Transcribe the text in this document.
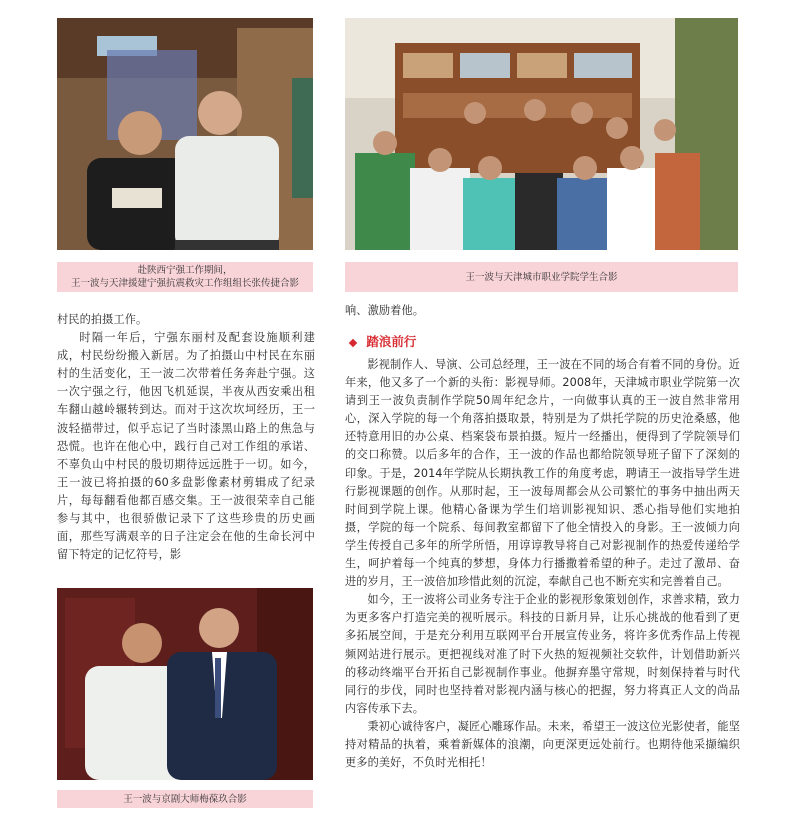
赴陕西宁强工作期间，
王一波与天津援建宁强抗震救灾工作组组长张传捷合影
王一波与天津城市职业学院学生合影
王一波与京剧大师梅葆玖合影

村民的拍摄工作。

时隔一年后，宁强东丽村及配套设施顺利建成，村民纷纷搬入新居。为了拍摄山中村民在东丽村的生活变化，王一波二次带着任务奔赴宁强。这一次宁强之行，他因飞机延误，半夜从西安乘出租车翻山越岭辗转到达。而对于这次坎坷经历，王一波轻描带过，似乎忘记了当时漆黑山路上的焦急与恐慌。也许在他心中，践行自己对工作组的承诺、不辜负山中村民的殷切期待远远胜于一切。如今，王一波已将拍摄的60多盘影像素材剪辑成了纪录片，每每翻看他都百感交集。王一波很荣幸自己能参与其中，也很骄傲记录下了这些珍贵的历史画面，那些写满艰辛的日子注定会在他的生命长河中留下特定的记忆符号，影

响、激励着他。

踏浪前行

影视制作人、导演、公司总经理，王一波在不同的场合有着不同的身份。近年来，他又多了一个新的头衔：影视导师。2008年，天津城市职业学院第一次请到王一波负责制作学院50周年纪念片，一向做事认真的王一波自然非常用心，深入学院的每一个角落拍摄取景，特别是为了烘托学院的历史沧桑感，他还特意用旧的办公桌、档案袋布景拍摄。短片一经播出，便得到了学院领导们的交口称赞。以后多年的合作，王一波的作品也都给院领导班子留下了深刻的印象。于是，2014年学院从长期执教工作的角度考虑，聘请王一波指导学生进行影视课题的创作。从那时起，王一波每周都会从公司繁忙的事务中抽出两天时间到学院上课。他精心备课为学生们培训影视知识、悉心指导他们实地拍摄，学院的每一个院系、每间教室都留下了他全情投入的身影。王一波倾力向学生传授自己多年的所学所悟，用谆谆教导将自己对影视制作的热爱传递给学生，呵护着每一个纯真的梦想，身体力行播撒着希望的种子。走过了激昂、奋进的岁月，王一波倍加珍惜此刻的沉淀，奉献自己也不断充实和完善着自己。

如今，王一波将公司业务专注于企业的影视形象策划创作，求善求精，致力为更多客户打造完美的视听展示。科技的日新月异，让乐心挑战的他看到了更多拓展空间，于是充分利用互联网平台开展宣传业务，将许多优秀作品上传视频网站进行展示。更把视线对准了时下火热的短视频社交软件，计划借助新兴的移动终端平台开拓自己影视制作事业。他摒弃墨守常规，时刻保持着与时代同行的步伐，同时也坚持着对影视内涵与核心的把握，努力将真正人文的尚品内容传承下去。

秉初心诚待客户，凝匠心雕琢作品。未来，希望王一波这位光影使者，能坚持对精品的执着，乘着新媒体的浪潮，向更深更远处前行。也期待他采撷编织更多的美好，不负时光相托！
